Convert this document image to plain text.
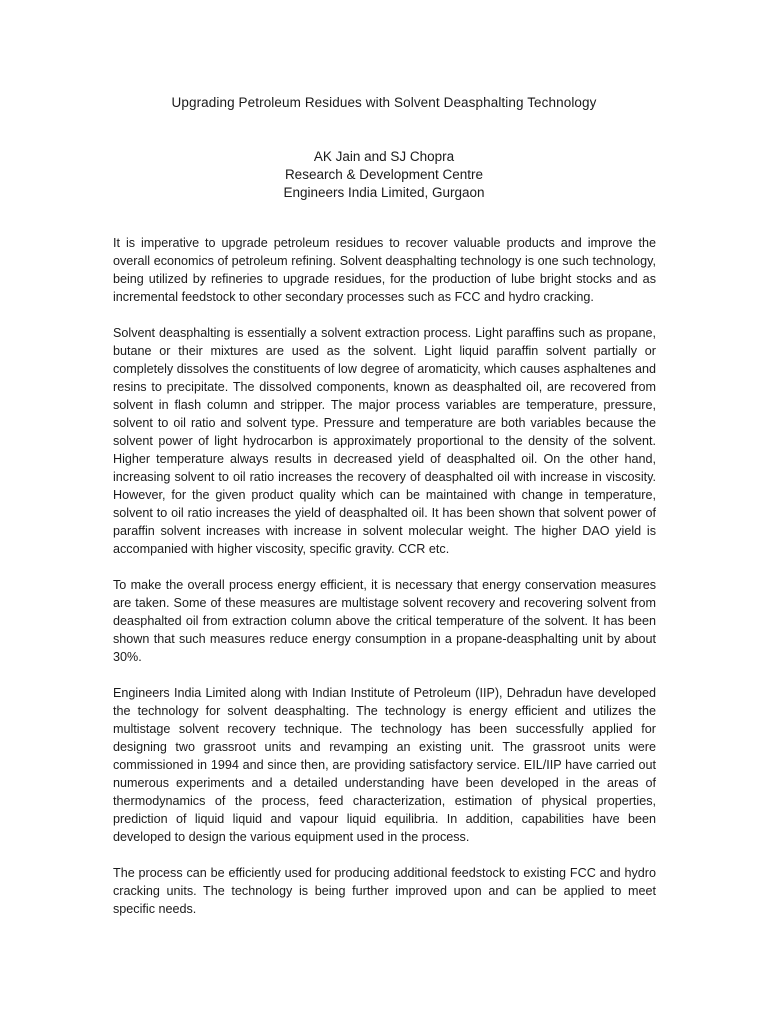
Upgrading Petroleum Residues with Solvent Deasphalting Technology
AK Jain and SJ Chopra
Research & Development Centre
Engineers India Limited, Gurgaon

It is imperative to upgrade petroleum residues to recover valuable products and improve the overall economics of petroleum refining. Solvent deasphalting technology is one such technology, being utilized by refineries to upgrade residues, for the production of lube bright stocks and as incremental feedstock to other secondary processes such as FCC and hydro cracking.

Solvent deasphalting is essentially a solvent extraction process. Light paraffins such as propane, butane or their mixtures are used as the solvent. Light liquid paraffin solvent partially or completely dissolves the constituents of low degree of aromaticity, which causes asphaltenes and resins to precipitate. The dissolved components, known as deasphalted oil, are recovered from solvent in flash column and stripper. The major process variables are temperature, pressure, solvent to oil ratio and solvent type. Pressure and temperature are both variables because the solvent power of light hydrocarbon is approximately proportional to the density of the solvent. Higher temperature always results in decreased yield of deasphalted oil. On the other hand, increasing solvent to oil ratio increases the recovery of deasphalted oil with increase in viscosity. However, for the given product quality which can be maintained with change in temperature, solvent to oil ratio increases the yield of deasphalted oil. It has been shown that solvent power of paraffin solvent increases with increase in solvent molecular weight. The higher DAO yield is accompanied with higher viscosity, specific gravity. CCR etc.

To make the overall process energy efficient, it is necessary that energy conservation measures are taken. Some of these measures are multistage solvent recovery and recovering solvent from deasphalted oil from extraction column above the critical temperature of the solvent. It has been shown that such measures reduce energy consumption in a propane-deasphalting unit by about 30%.

Engineers India Limited along with Indian Institute of Petroleum (IIP), Dehradun have developed the technology for solvent deasphalting. The technology is energy efficient and utilizes the multistage solvent recovery technique. The technology has been successfully applied for designing two grassroot units and revamping an existing unit. The grassroot units were commissioned in 1994 and since then, are providing satisfactory service. EIL/IIP have carried out numerous experiments and a detailed understanding have been developed in the areas of thermodynamics of the process, feed characterization, estimation of physical properties, prediction of liquid liquid and vapour liquid equilibria. In addition, capabilities have been developed to design the various equipment used in the process.

The process can be efficiently used for producing additional feedstock to existing FCC and hydro cracking units. The technology is being further improved upon and can be applied to meet specific needs.
